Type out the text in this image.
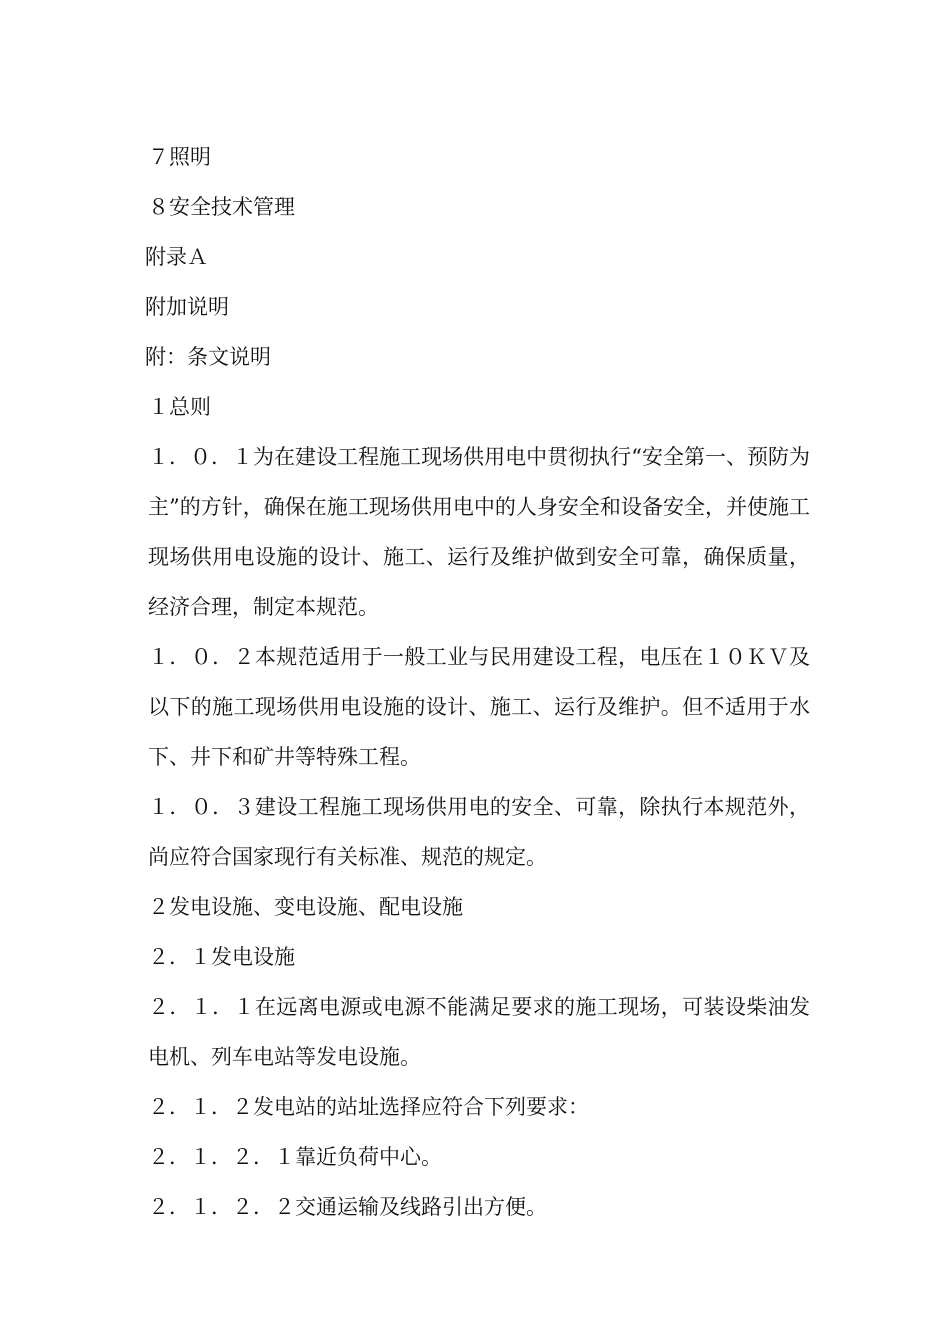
７照明

８安全技术管理

附录Ａ

附加说明

附：条文说明

１总则

１．０．１为在建设工程施工现场供用电中贯彻执行“安全第一、预防为主”的方针，确保在施工现场供用电中的人身安全和设备安全，并使施工现场供用电设施的设计、施工、运行及维护做到安全可靠，确保质量，经济合理，制定本规范。

１．０．２本规范适用于一般工业与民用建设工程，电压在１０ＫＶ及以下的施工现场供用电设施的设计、施工、运行及维护。但不适用于水下、井下和矿井等特殊工程。

１．０．３建设工程施工现场供用电的安全、可靠，除执行本规范外，尚应符合国家现行有关标准、规范的规定。

２发电设施、变电设施、配电设施

２．１发电设施

２．１．１在远离电源或电源不能满足要求的施工现场，可装设柴油发电机、列车电站等发电设施。

２．１．２发电站的站址选择应符合下列要求：

２．１．２．１靠近负荷中心。

２．１．２．２交通运输及线路引出方便。
